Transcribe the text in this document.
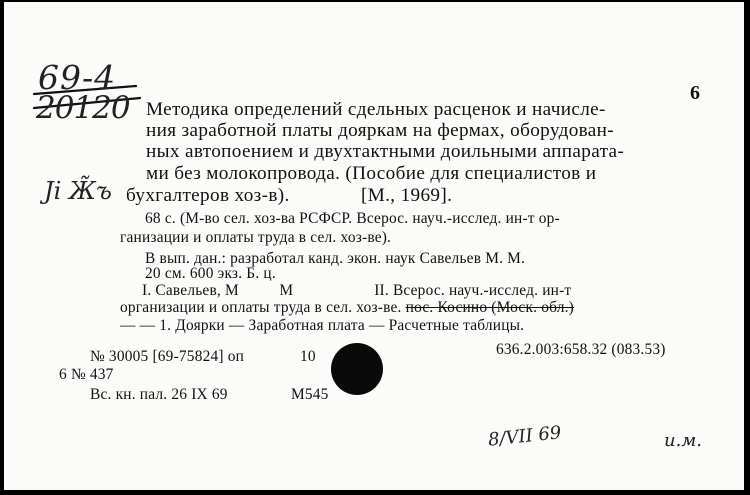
69-4
20120	6
Методика определений сдельных расценок и начисле-
ния заработной платы дояркам на фермах, оборудован-
ных автопоением и двухтактными доильными аппарата-
ми без молокопровода. (Пособие для специалистов и
Ji Ж̃ъ бухгалтеров хоз-в).	[М., 1969].
68 с. (М-во сел. хоз-ва РСФСР. Всерос. науч.-исслед. ин-т ор-
ганизации и оплаты труда в сел. хоз-ве).
В вып. дан.: разработал канд. экон. наук Савельев М. М.
20 см. 600 экз. Б. ц.
I. Савельев, М          М                    II. Всерос. науч.-исслед. ин-т
организации и оплаты труда в сел. хоз-ве. пос. Косино (Моск. обл.)
— — 1. Доярки — Заработная плата — Расчетные таблицы.
636.2.003:658.32 (083.53)
№ 30005 [69-75824] оп	10
6 № 437
Вс. кн. пал. 26 IX 69	М545
8/VII 69	и.м.
